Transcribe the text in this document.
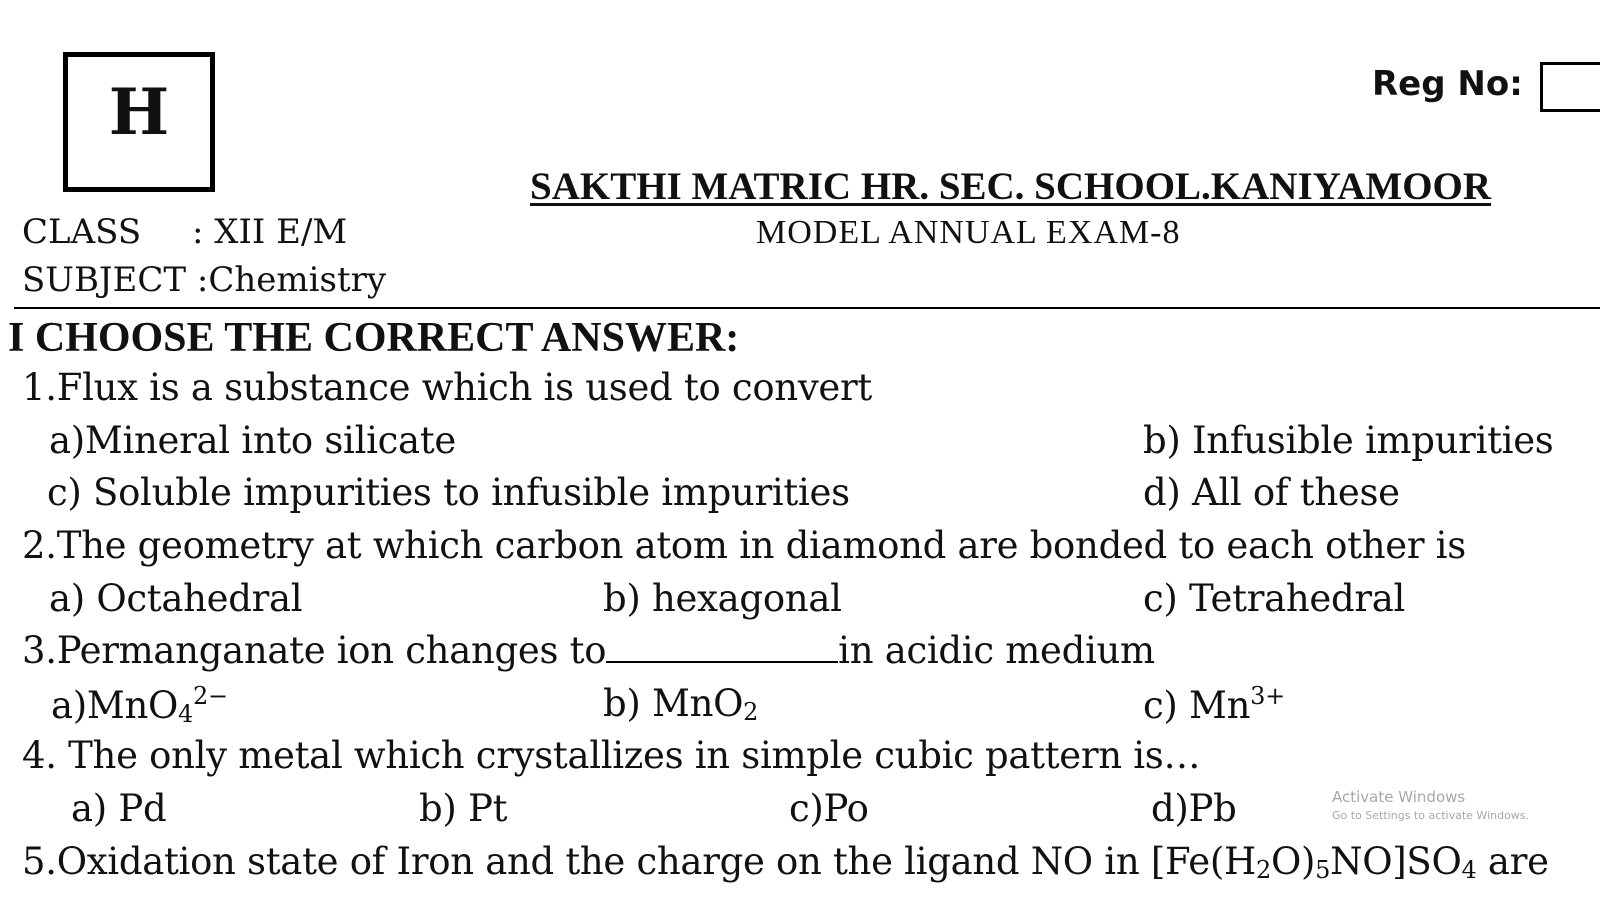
H	Reg No:
SAKTHI MATRIC HR. SEC. SCHOOL.KANIYAMOOR
MODEL ANNUAL EXAM-8
CLASS : XII E/M
SUBJECT :Chemistry
I CHOOSE THE CORRECT ANSWER:
1.Flux is a substance which is used to convert
a)Mineral into silicate	b) Infusible impurities
c) Soluble impurities to infusible impurities	d) All of these
2.The geometry at which carbon atom in diamond are bonded to each other is
a) Octahedral	b) hexagonal	c) Tetrahedral
3.Permanganate ion changes to	in acidic medium
$a)MnO4^{2-}$	b) MnO2	c) $Mn^{3+}$
4. The only metal which crystallizes in simple cubic pattern is…
a) Pd	b) Pt	c)Po	d)Pb
5.Oxidation state of Iron and the charge on the ligand NO in [Fe(H2O)5NO]SO4 are
Activate Windows
Go to Settings to activate Windows.
